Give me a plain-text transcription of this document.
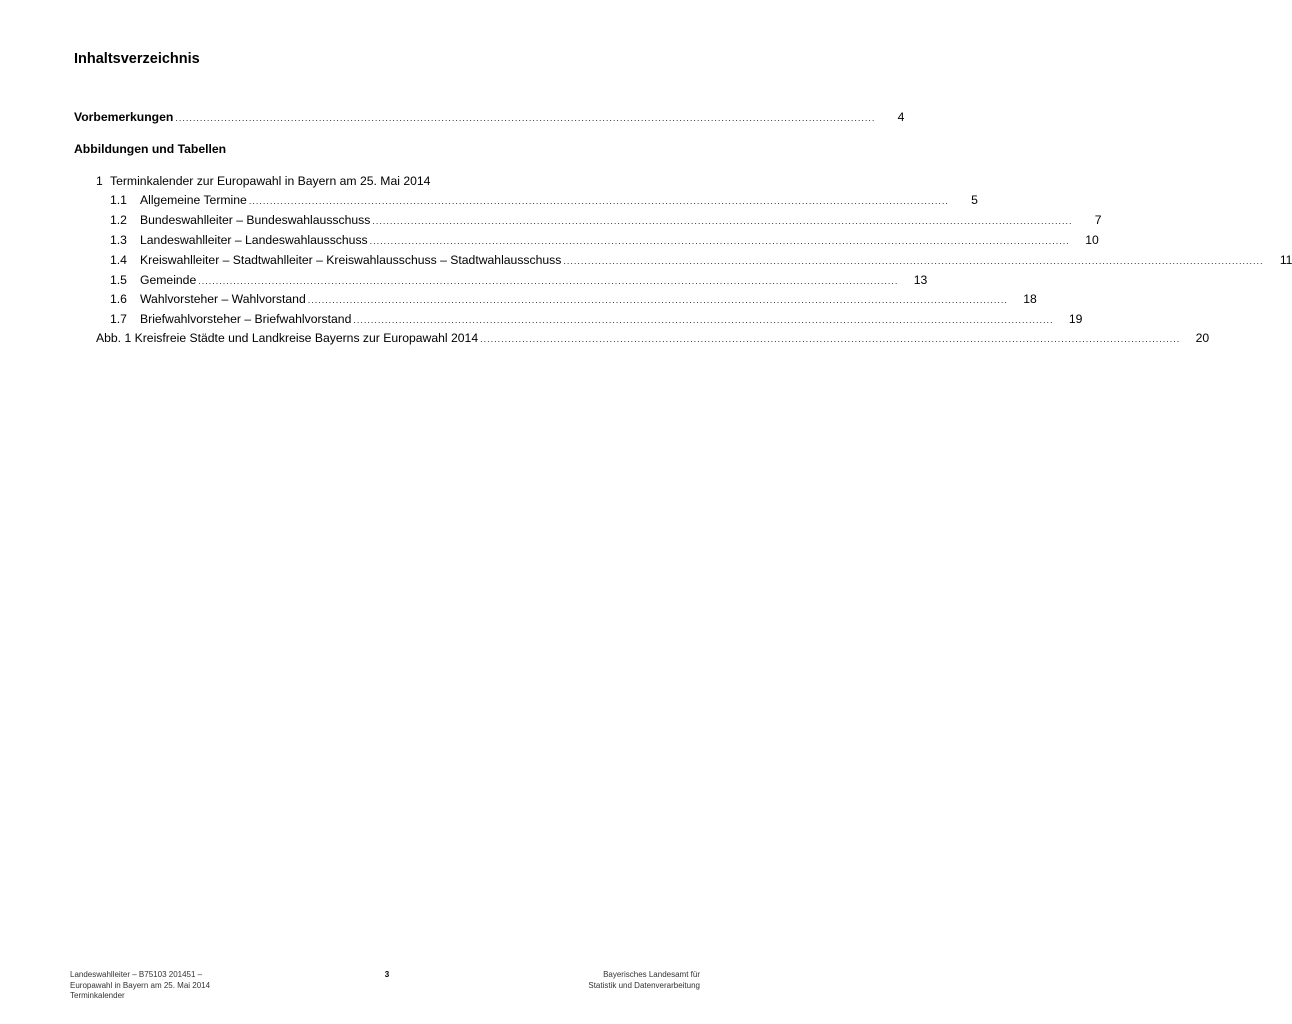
Inhaltsverzeichnis
Vorbemerkungen ........................................................................................................................................................................................................	4
Abbildungen und Tabellen
1 Terminkalender zur Europawahl in Bayern am 25. Mai 2014
1.1	Allgemeine Termine ........................................................................................................................................................................................................	5
1.2	Bundeswahlleiter – Bundeswahlausschuss ........................................................................................................................................................................................................	7
1.3	Landeswahlleiter – Landeswahlausschuss ........................................................................................................................................................................................................	10
1.4	Kreiswahlleiter – Stadtwahlleiter – Kreiswahlausschuss – Stadtwahlausschuss ........................................................................................................................................................................................................	11
1.5	Gemeinde ........................................................................................................................................................................................................	13
1.6	Wahlvorsteher – Wahlvorstand ........................................................................................................................................................................................................	18
1.7	Briefwahlvorsteher – Briefwahlvorstand ........................................................................................................................................................................................................	19
Abb. 1 Kreisfreie Städte und Landkreise Bayerns zur Europawahl 2014 ........................................................................................................................................................................................................	20
Landeswahlleiter – B75103 201451 –
Europawahl in Bayern am 25. Mai 2014
Terminkalender
3	Bayerisches Landesamt für
Statistik und Datenverarbeitung
